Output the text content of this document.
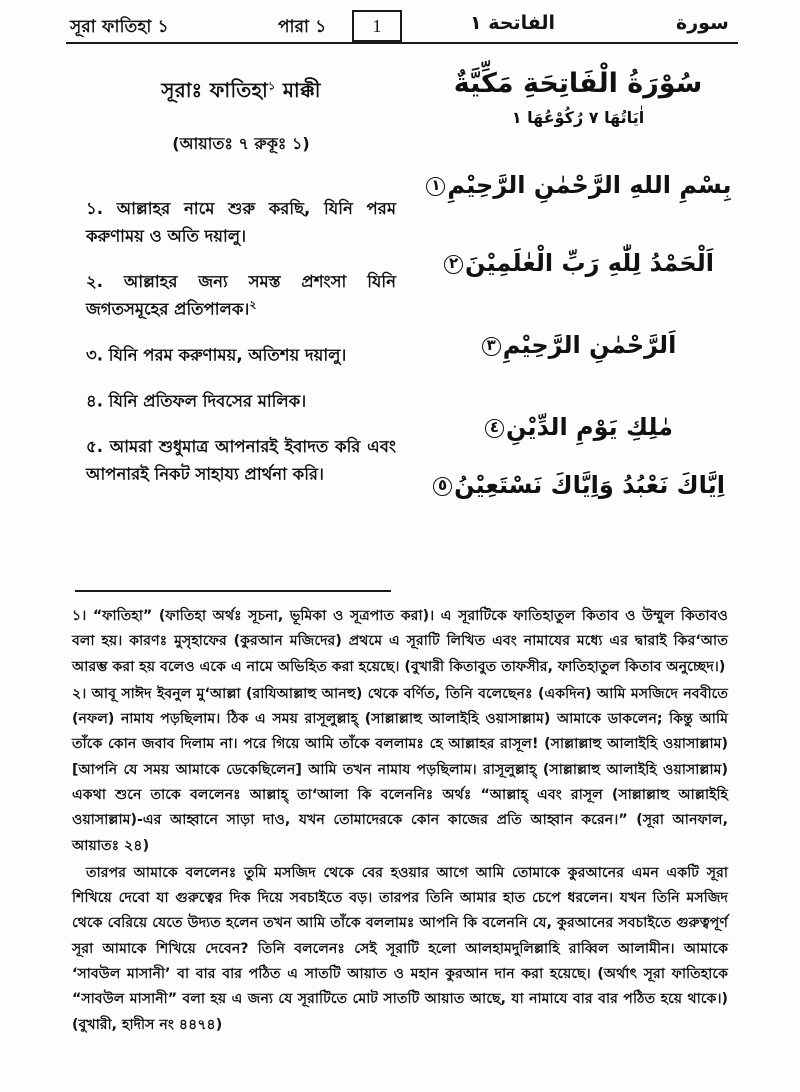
সূরা ফাতিহা ১	পারা ১	الفاتحة ١	سورة
1
সূরাঃ ফাতিহা$^১$ মাক্কী
(আয়াতঃ ৭ রুকূঃ ১)

১. আল্লাহর নামে শুরু করছি, যিনি পরম করুণাময় ও অতি দয়ালু।

২. আল্লাহর জন্য সমস্ত প্রশংসা যিনি জগতসমূহের প্রতিপালক।$^২$

৩. যিনি পরম করুণাময়, অতিশয় দয়ালু।

৪. যিনি প্রতিফল দিবসের মালিক।

৫. আমরা শুধুমাত্র আপনারই ইবাদত করি এবং আপনারই নিকট সাহায্য প্রার্থনা করি।

سُوْرَةُ الْفَاتِحَةِ مَكِّيَّةٌ
اٰيَاتُهَا ٧ رُكُوْعُهَا ١

بِسْمِ اللهِ الرَّحْمٰنِ الرَّحِيْمِ١

اَلْحَمْدُ لِلّٰهِ رَبِّ الْعٰلَمِيْنَ٢

اَلرَّحْمٰنِ الرَّحِيْمِ٣

مٰلِكِ يَوْمِ الدِّيْنِ٤

اِيَّاكَ نَعْبُدُ وَاِيَّاكَ نَسْتَعِيْنُ٥

১। “ফাতিহা” (ফাতিহা অর্থঃ সূচনা, ভূমিকা ও সূত্রপাত করা)। এ সূরাটিকে ফাতিহাতুল কিতাব ও উম্মুল কিতাবও বলা হয়। কারণঃ মুসৃহাফের (কুরআন মজিদের) প্রথমে এ সূরাটি লিখিত এবং নামাযের মধ্যে এর দ্বারাই কির‘আত আরম্ভ করা হয় বলেও একে এ নামে অভিহিত করা হয়েছে। (বুখারী কিতাবুত তাফসীর, ফাতিহাতুল কিতাব অনুচ্ছেদ।)

২। আবূ সাঈদ ইবনুল মু‘আল্লা (রাযিআল্লাহু আনহু) থেকে বর্ণিত, তিনি বলেছেনঃ (একদিন) আমি মসজিদে নববীতে (নফল) নামায পড়ছিলাম। ঠিক এ সময় রাসূলুল্লাহ্ (সাল্লাল্লাহু আলাইহি ওয়াসাল্লাম) আমাকে ডাকলেন; কিন্তু আমি তাঁকে কোন জবাব দিলাম না। পরে গিয়ে আমি তাঁকে বললামঃ হে আল্লাহর রাসূল! (সাল্লাল্লাহু আলাইহি ওয়াসাল্লাম) [আপনি যে সময় আমাকে ডেকেছিলেন] আমি তখন নামায পড়ছিলাম। রাসূলুল্লাহ্ (সাল্লাল্লাহু আলাইহি ওয়াসাল্লাম) একথা শুনে তাকে বললেনঃ আল্লাহ্ তা‘আলা কি বলেননিঃ অর্থঃ “আল্লাহ্ এবং রাসূল (সাল্লাল্লাহু আল্লাইহি ওয়াসাল্লাম)-এর আহ্বানে সাড়া দাও, যখন তোমাদেরকে কোন কাজের প্রতি আহ্বান করেন।” (সূরা আনফাল, আয়াতঃ ২৪)

তারপর আমাকে বললেনঃ তুমি মসজিদ থেকে বের হওয়ার আগে আমি তোমাকে কুরআনের এমন একটি সূরা শিখিয়ে দেবো যা গুরুত্বের দিক দিয়ে সবচাইতে বড়। তারপর তিনি আমার হাত চেপে ধরলেন। যখন তিনি মসজিদ থেকে বেরিয়ে যেতে উদ্যত হলেন তখন আমি তাঁকে বললামঃ আপনি কি বলেননি যে, কুরআনের সবচাইতে গুরুত্বপূর্ণ সূরা আমাকে শিখিয়ে দেবেন? তিনি বললেনঃ সেই সূরাটি হলো আলহামদুলিল্লাহি রাব্বিল আলামীন। আমাকে ‘সাবউল মাসানী’ বা বার বার পঠিত এ সাতটি আয়াত ও মহান কুরআন দান করা হয়েছে। (অর্থাৎ সূরা ফাতিহাকে “সাবউল মাসানী” বলা হয় এ জন্য যে সূরাটিতে মোট সাতটি আয়াত আছে, যা নামাযে বার বার পঠিত হয়ে থাকে।) (বুখারী, হাদীস নং ৪৪৭৪)
